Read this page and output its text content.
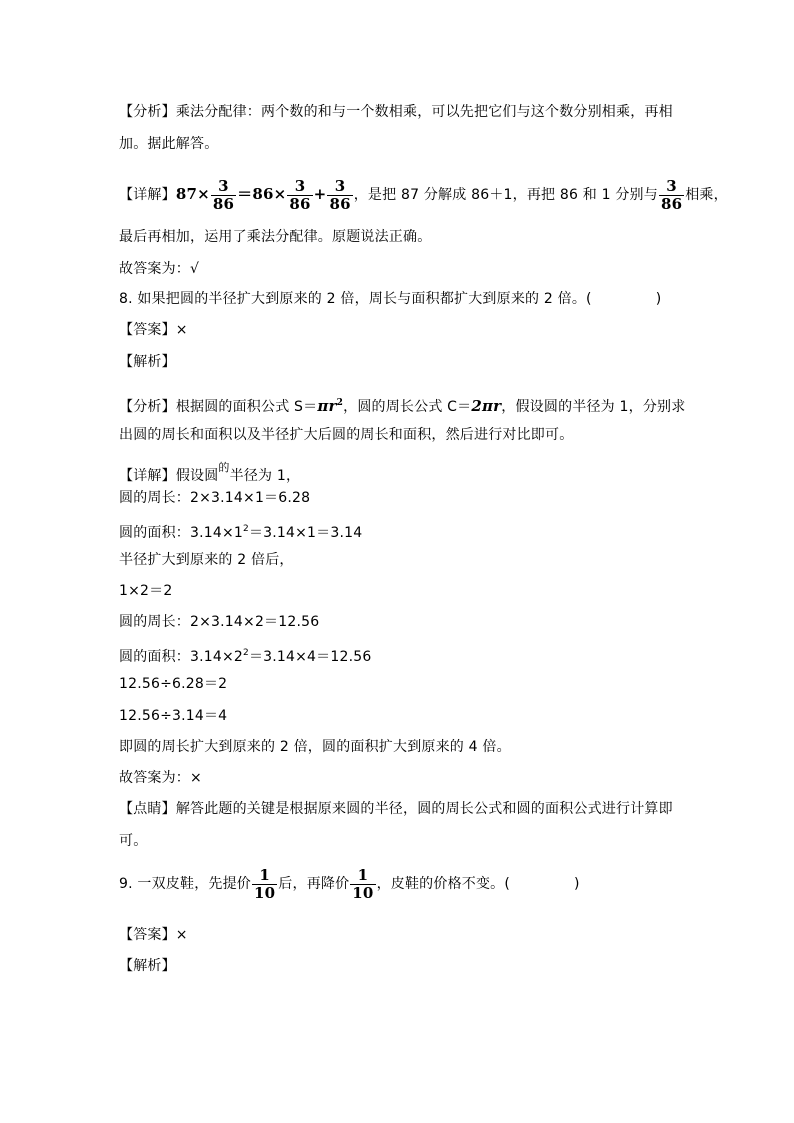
【分析】乘法分配律：两个数的和与一个数相乘，可以先把它们与这个数分别相乘，再相
加。据此解答。
【详解】$87\times \frac{3}{86} =86\times \frac{3}{86} + \frac{3}{86}$ ，是把 87 分解成 86＋1，再把 86 和 1 分别与 $\frac{3}{86}$ 相乘，
最后再相加，运用了乘法分配律。原题说法正确。
故答案为：√
8. 如果把圆的半径扩大到原来的 2 倍，周长与面积都扩大到原来的 2 倍。(	)
【答案】×
【解析】
【分析】根据圆的面积公式 $S=\pi r^2$，圆的周长公式 C＝2πr，假设圆的半径为 1，分别求
出圆的周长和面积以及半径扩大后圆的周长和面积，然后进行对比即可。
【详解】假设圆$^的$半径为 1，
圆的周长：2×3.14×1＝6.28
圆的面积：$3.14\times 1^2=3.14\times 1=3.14$
半径扩大到原来的 2 倍后，
1×2＝2
圆的周长：2×3.14×2＝12.56
圆的面积：$3.14\times 2^2=3.14\times 4=12.56$
12.56÷6.28＝2
12.56÷3.14＝4
即圆的周长扩大到原来的 2 倍，圆的面积扩大到原来的 4 倍。
故答案为：×
【点睛】解答此题的关键是根据原来圆的半径，圆的周长公式和圆的面积公式进行计算即
可。
9. 一双皮鞋，先提价 $\frac{1}{10}$ 后，再降价 $\frac{1}{10}$ ，皮鞋的价格不变。(	)
【答案】×
【解析】
